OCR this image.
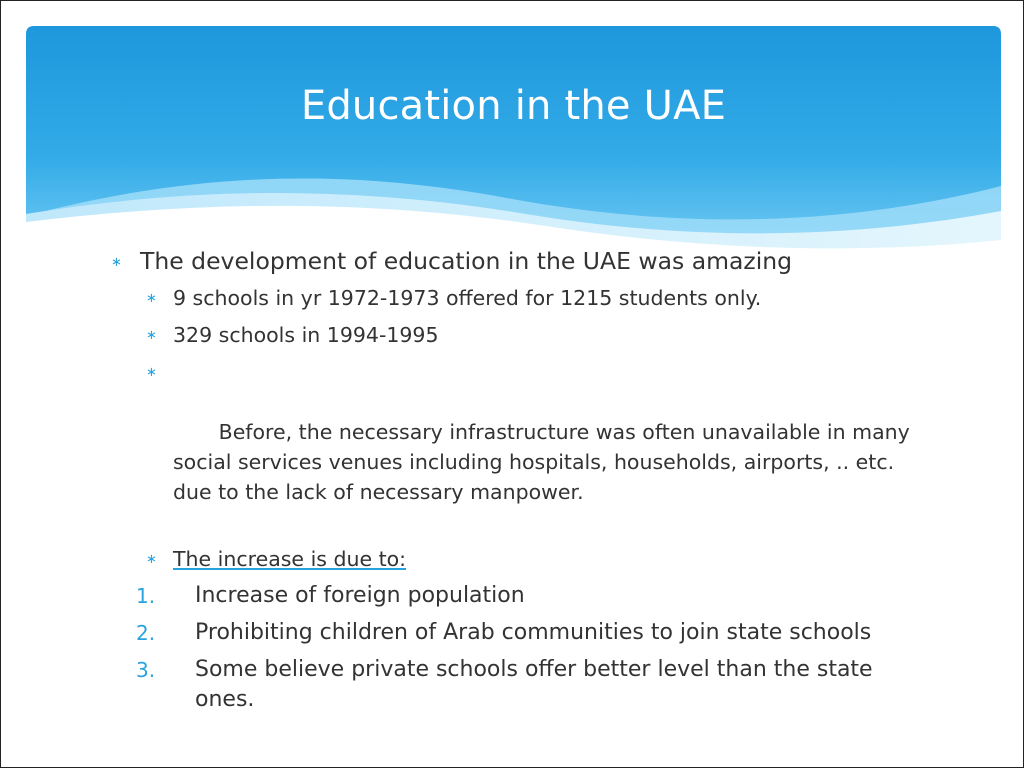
Education in the UAE
∗ The development of education in the UAE was amazing
∗ 9 schools in yr 1972-1973 offered for 1215 students only.
∗ 329 schools in 1994-1995

∗

Before, the necessary infrastructure was often unavailable in many social services venues including hospitals, households, airports, .. etc. due to the lack of necessary manpower.

∗ The increase is due to:
1. Increase of foreign population
2. Prohibiting children of Arab communities to join state schools
3. Some believe private schools offer better level than the state ones.
